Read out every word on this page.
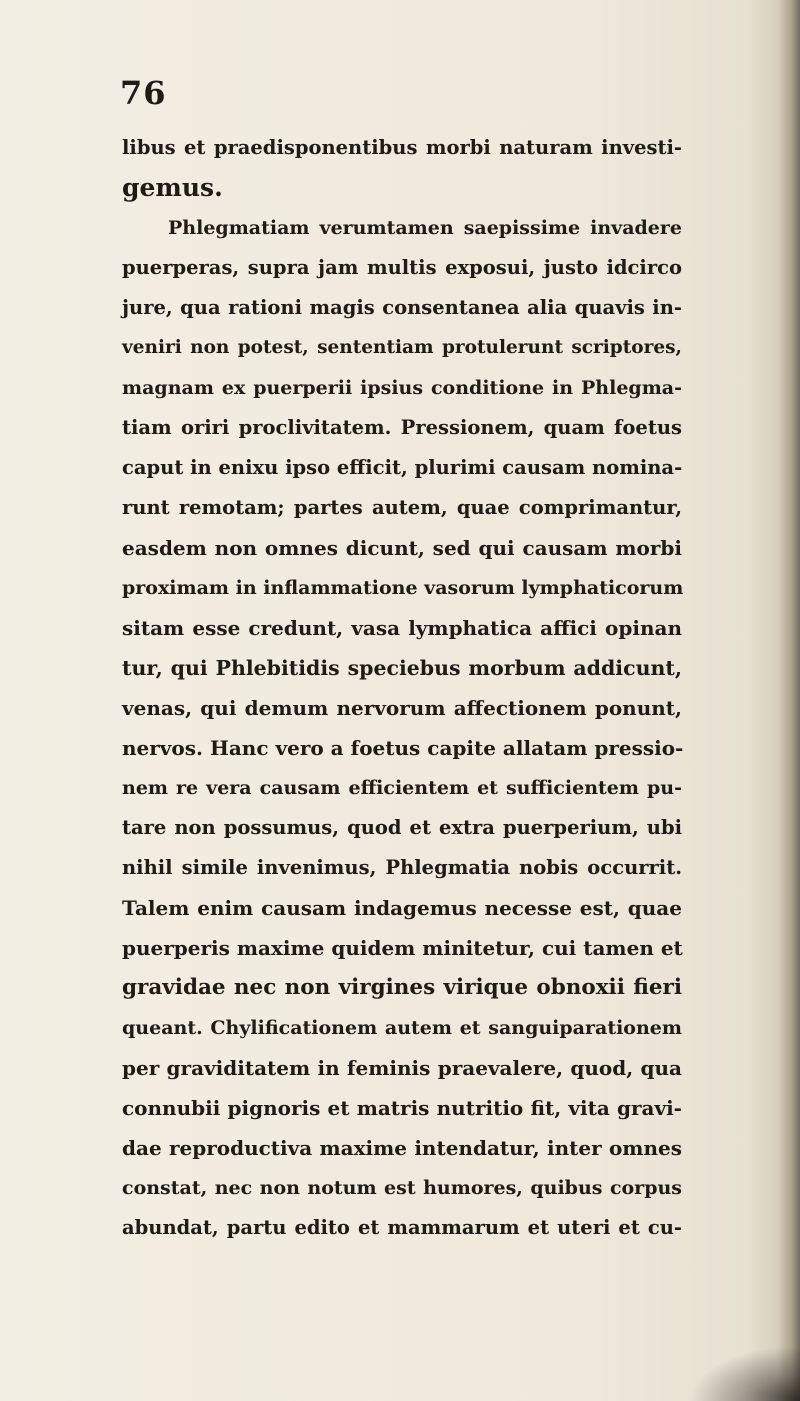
76
libus et praedisponentibus morbi naturam investi-
gemus.
Phlegmatiam verumtamen saepissime invadere
puerperas, supra jam multis exposui, justo idcirco
jure, qua rationi magis consentanea alia quavis in-
veniri non potest, sententiam protulerunt scriptores,
magnam ex puerperii ipsius conditione in Phlegma-
tiam oriri proclivitatem. Pressionem, quam foetus
caput in enixu ipso efficit, plurimi causam nomina-
runt remotam; partes autem, quae comprimantur,
easdem non omnes dicunt, sed qui causam morbi
proximam in inflammatione vasorum lymphaticorum
sitam esse credunt, vasa lymphatica affici opinan
tur, qui Phlebitidis speciebus morbum addicunt,
venas, qui demum nervorum affectionem ponunt,
nervos. Hanc vero a foetus capite allatam pressio-
nem re vera causam efficientem et sufficientem pu-
tare non possumus, quod et extra puerperium, ubi
nihil simile invenimus, Phlegmatia nobis occurrit.
Talem enim causam indagemus necesse est, quae
puerperis maxime quidem minitetur, cui tamen et
gravidae nec non virgines virique obnoxii fieri
queant. Chylificationem autem et sanguiparationem
per graviditatem in feminis praevalere, quod, qua
connubii pignoris et matris nutritio fit, vita gravi-
dae reproductiva maxime intendatur, inter omnes
constat, nec non notum est humores, quibus corpus
abundat, partu edito et mammarum et uteri et cu-
